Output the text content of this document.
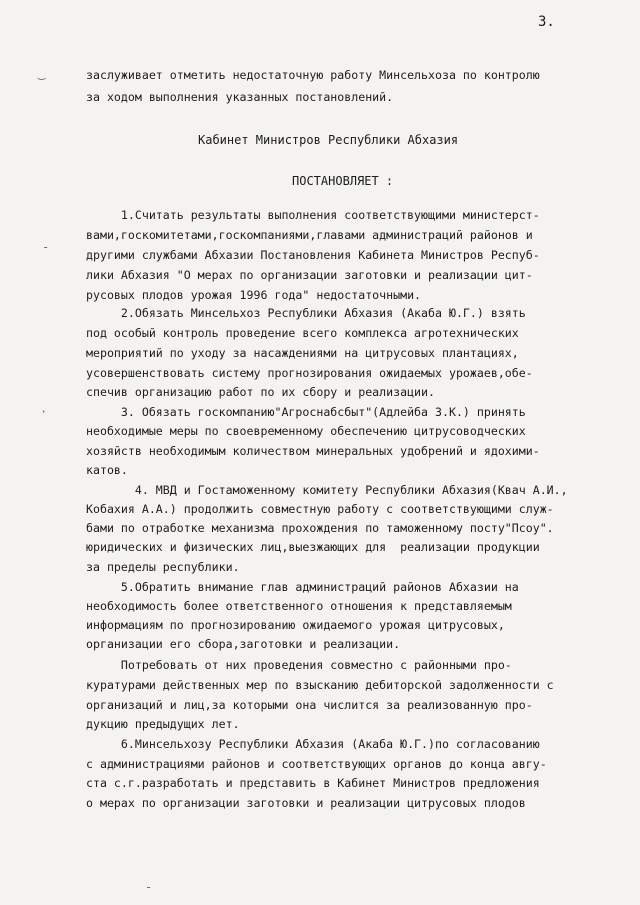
3.
‿
-
·
-
заслуживает отметить недостаточную работу Минсельхоза по контролю
за ходом выполнения указанных постановлений.
Кабинет Министров Республики Абхазия
ПОСТАНОВЛЯЕТ :
1.Считать результаты выполнения соответствующими министерст-
вами,госкомитетами,госкомпаниями,главами администраций районов и
другими службами Абхазии Постановления Кабинета Министров Респуб-
лики Абхазия "О мерах по организации заготовки и реализации цит-
русовых плодов урожая 1996 года" недостаточными.
2.Обязать Минсельхоз Республики Абхазия (Акаба Ю.Г.) взять
под особый контроль проведение всего комплекса агротехнических
мероприятий по уходу за насаждениями на цитрусовых плантациях,
усовершенствовать систему прогнозирования ожидаемых урожаев,обе-
спечив организацию работ по их сбору и реализации.
3. Обязать госкомпанию"Агроснабсбыт"(Адлейба З.К.) принять
необходимые меры по своевременному обеспечению цитрусоводческих
хозяйств необходимым количеством минеральных удобрений и ядохими-
катов.
4. МВД и Гостаможенному комитету Республики Абхазия(Квач А.И.,
Кобахия А.А.) продолжить совместную работу с соответствующими служ-
бами по отработке механизма прохождения по таможенному посту"Псоу".
юридических и физических лиц,выезжающих для  реализации продукции
за пределы республики.
5.Обратить внимание глав администраций районов Абхазии на
необходимость более ответственного отношения к представляемым
информациям по прогнозированию ожидаемого урожая цитрусовых,
организации его сбора,заготовки и реализации.
Потребовать от них проведения совместно с районными про-
куратурами действенных мер по взысканию дебиторской задолженности с
организаций и лиц,за которыми она числится за реализованную про-
дукцию предыдущих лет.
6.Минсельхозу Республики Абхазия (Акаба Ю.Г.)по согласованию
с администрациями районов и соответствующих органов до конца авгу-
ста с.г.разработать и представить в Кабинет Министров предложения
о мерах по организации заготовки и реализации цитрусовых плодов
